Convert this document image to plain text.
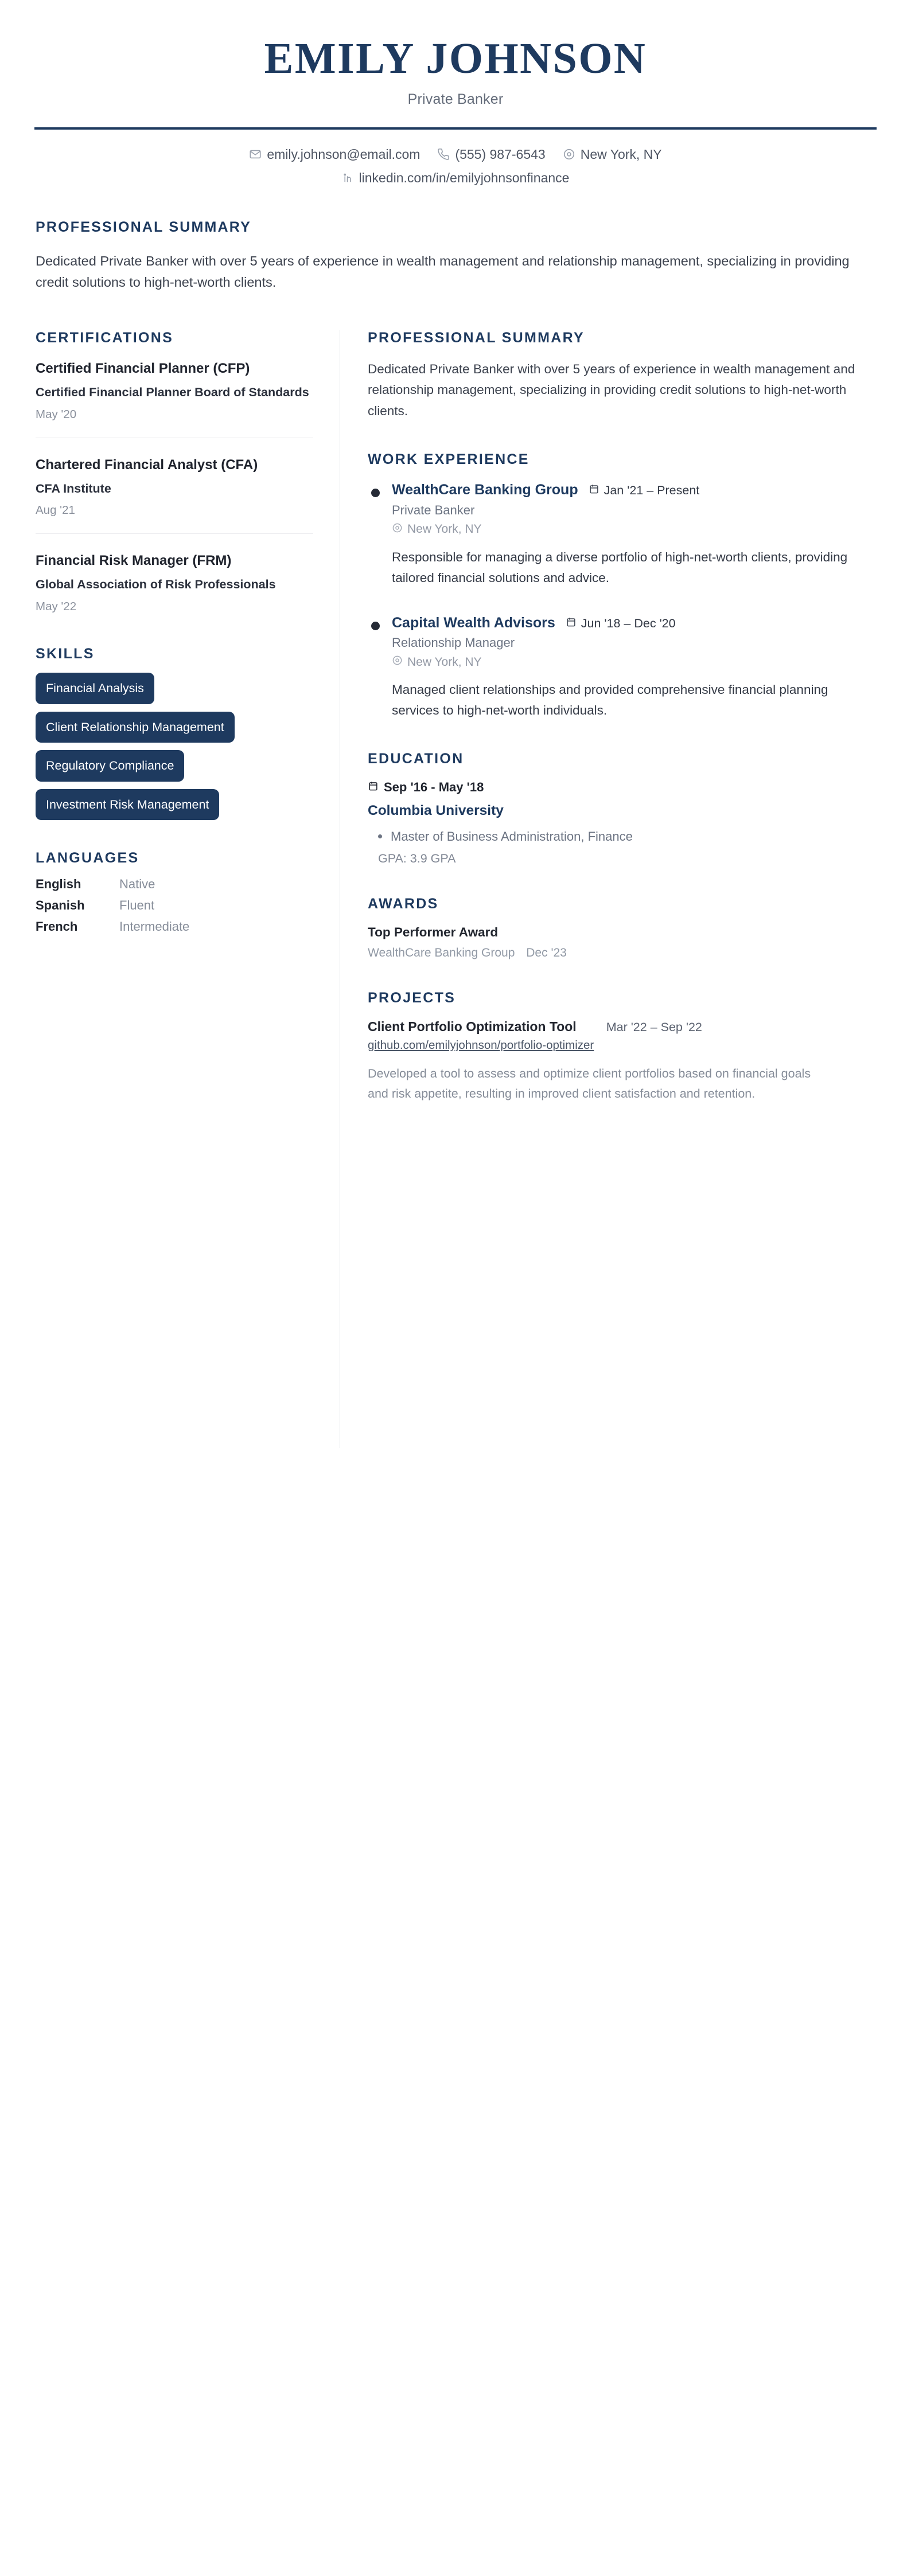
EMILY JOHNSON
Private Banker
emily.johnson@email.com	(555) 987-6543	New York, NY
linkedin.com/in/emilyjohnsonfinance
PROFESSIONAL SUMMARY

Dedicated Private Banker with over 5 years of experience in wealth management and relationship management, specializing in providing credit solutions to high-net-worth clients.

CERTIFICATIONS
Certified Financial Planner (CFP)
Certified Financial Planner Board of Standards
May '20
Chartered Financial Analyst (CFA)
CFA Institute
Aug '21
Financial Risk Manager (FRM)
Global Association of Risk Professionals
May '22
SKILLS
Financial Analysis
Client Relationship Management
Regulatory Compliance
Investment Risk Management
LANGUAGES
English	Native
Spanish	Fluent
French	Intermediate
PROFESSIONAL SUMMARY
Dedicated Private Banker with over 5 years of experience in wealth management and relationship management, specializing in providing credit solutions to high-net-worth clients.
WORK EXPERIENCE
WealthCare Banking Group Jan '21 – Present
Private Banker
New York, NY
Responsible for managing a diverse portfolio of high-net-worth clients, providing tailored financial solutions and advice.
Capital Wealth Advisors Jun '18 – Dec '20
Relationship Manager
New York, NY
Managed client relationships and provided comprehensive financial planning services to high-net-worth individuals.
EDUCATION
Sep '16 - May '18
Columbia University
Master of Business Administration, Finance
GPA: 3.9 GPA
AWARDS
Top Performer Award
WealthCare Banking Group Dec '23
PROJECTS
Client Portfolio Optimization Tool Mar '22 – Sep '22
github.com/emilyjohnson/portfolio-optimizer
Developed a tool to assess and optimize client portfolios based on financial goals and risk appetite, resulting in improved client satisfaction and retention.
